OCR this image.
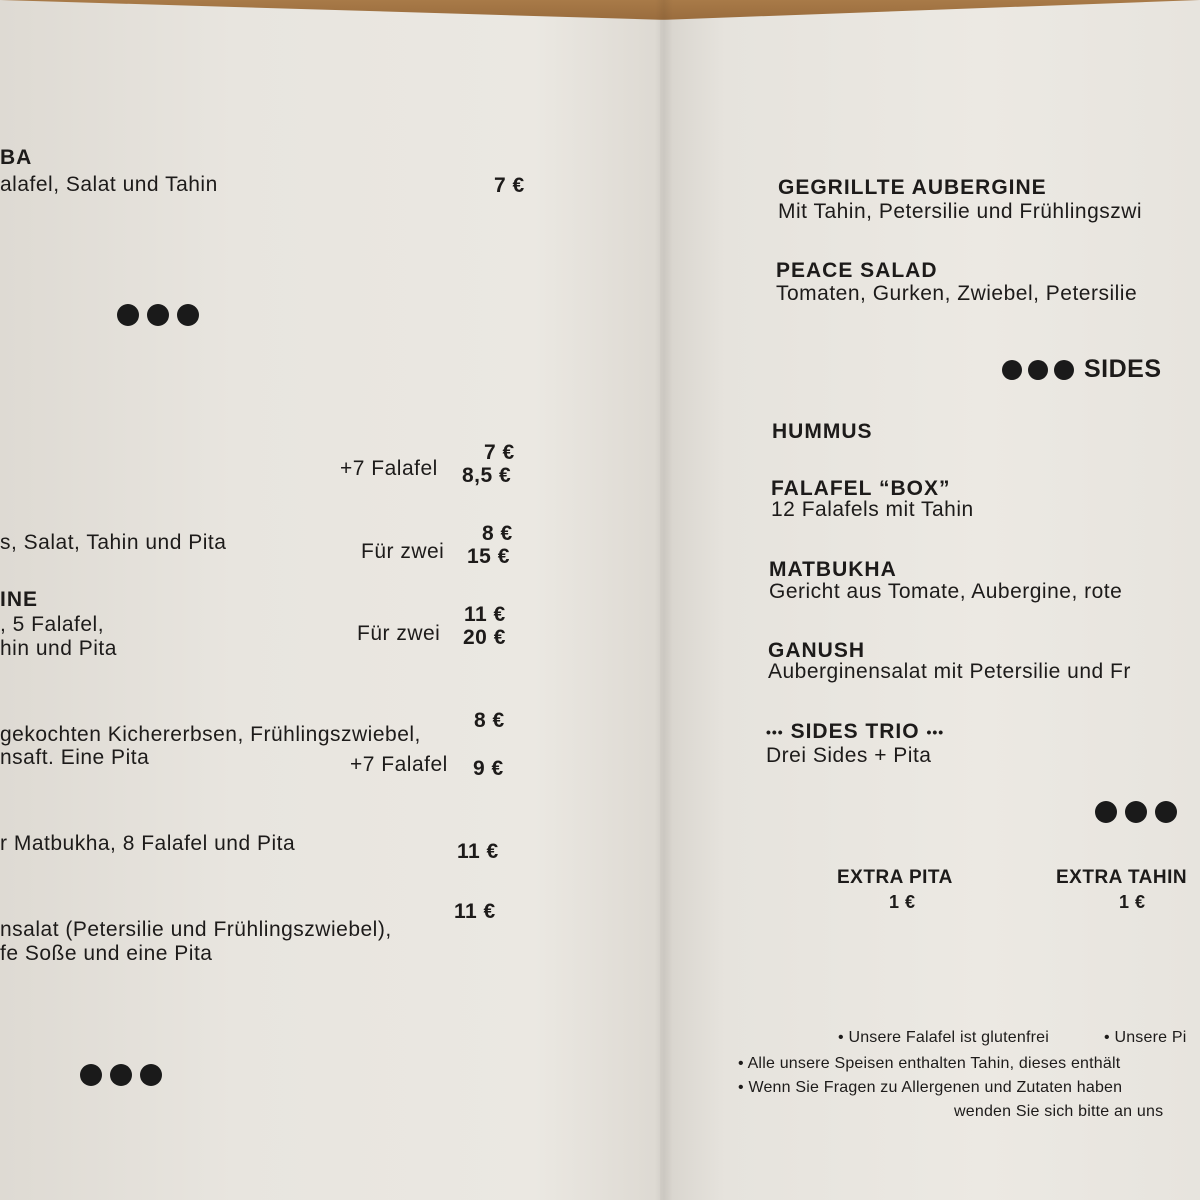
BA
alafel, Salat und Tahin	7 €
7 €
+7 Falafel 8,5 €
s, Salat, Tahin und Pita	8 €
Für zwei 15 €
INE
, 5 Falafel,
hin und Pita
11 €
Für zwei 20 €
gekochten Kichererbsen, Frühlingszwiebel,
nsaft. Eine Pita
8 €
+7 Falafel 9 €
r Matbukha, 8 Falafel und Pita	11 €
11 €
nsalat (Petersilie und Frühlingszwiebel),
fe Soße und eine Pita
GEGRILLTE AUBERGINE
Mit Tahin, Petersilie und Frühlingszwi
PEACE SALAD
Tomaten, Gurken, Zwiebel, Petersilie
SIDES
HUMMUS
FALAFEL “BOX”
12 Falafels mit Tahin
MATBUKHA
Gericht aus Tomate, Aubergine, rote
GANUSH
Auberginensalat mit Petersilie und Fr
••• SIDES TRIO •••
Drei Sides + Pita
EXTRA PITA
1 €
EXTRA TAHIN
1 €
• Unsere Falafel ist glutenfrei	• Unsere Pi
• Alle unsere Speisen enthalten Tahin, dieses enthält
• Wenn Sie Fragen zu Allergenen und Zutaten haben
wenden Sie sich bitte an uns
